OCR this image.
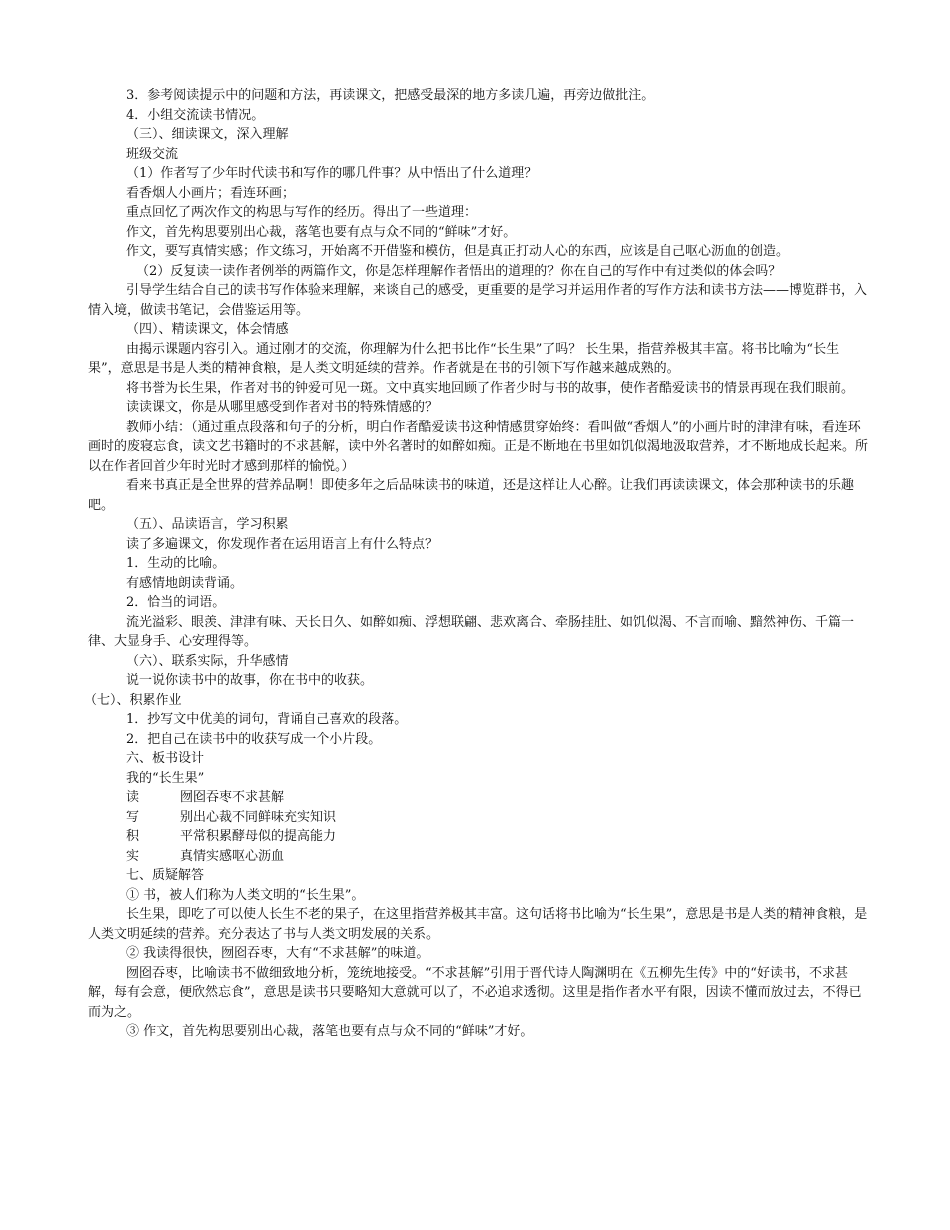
3．参考阅读提示中的问题和方法，再读课文，把感受最深的地方多读几遍，再旁边做批注。

4．小组交流读书情况。

（三）、细读课文，深入理解

班级交流

（1）作者写了少年时代读书和写作的哪几件事？从中悟出了什么道理？

看香烟人小画片；看连环画；

重点回忆了两次作文的构思与写作的经历。得出了一些道理：

作文，首先构思要别出心裁，落笔也要有点与众不同的“鲜味”才好。

作文，要写真情实感；作文练习，开始离不开借鉴和模仿，但是真正打动人心的东西，应该是自己呕心沥血的创造。

（2）反复读一读作者例举的两篇作文，你是怎样理解作者悟出的道理的？你在自己的写作中有过类似的体会吗？

引导学生结合自己的读书写作体验来理解，来谈自己的感受，更重要的是学习并运用作者的写作方法和读书方法——博览群书，入情入境，做读书笔记，会借鉴运用等。

（四）、精读课文，体会情感

由揭示课题内容引入。通过刚才的交流，你理解为什么把书比作“长生果”了吗？ 长生果，指营养极其丰富。将书比喻为“长生果”，意思是书是人类的精神食粮，是人类文明延续的营养。作者就是在书的引领下写作越来越成熟的。

将书誉为长生果，作者对书的钟爱可见一斑。文中真实地回顾了作者少时与书的故事，使作者酷爱读书的情景再现在我们眼前。

读读课文，你是从哪里感受到作者对书的特殊情感的？

教师小结：（通过重点段落和句子的分析，明白作者酷爱读书这种情感贯穿始终：看叫做“香烟人”的小画片时的津津有味，看连环画时的废寝忘食，读文艺书籍时的不求甚解，读中外名著时的如醉如痴。正是不断地在书里如饥似渴地汲取营养，才不断地成长起来。所以在作者回首少年时光时才感到那样的愉悦。）

看来书真正是全世界的营养品啊！即使多年之后品味读书的味道，还是这样让人心醉。让我们再读读课文，体会那种读书的乐趣吧。

（五）、品读语言，学习积累

读了多遍课文，你发现作者在运用语言上有什么特点？

1．生动的比喻。

有感情地朗读背诵。

2．恰当的词语。

流光溢彩、眼羡、津津有味、天长日久、如醉如痴、浮想联翩、悲欢离合、牵肠挂肚、如饥似渴、不言而喻、黯然神伤、千篇一律、大显身手、心安理得等。

（六）、联系实际，升华感情

说一说你读书中的故事，你在书中的收获。

（七）、积累作业

1．抄写文中优美的词句，背诵自己喜欢的段落。

2．把自己在读书中的收获写成一个小片段。

六、板书设计

我的“长生果”

读	囫囵吞枣不求甚解
写	别出心裁不同鲜味充实知识
积	平常积累酵母似的提高能力
实	真情实感呕心沥血

七、质疑解答

① 书，被人们称为人类文明的“长生果”。

长生果，即吃了可以使人长生不老的果子，在这里指营养极其丰富。这句话将书比喻为“长生果”，意思是书是人类的精神食粮，是人类文明延续的营养。充分表达了书与人类文明发展的关系。

② 我读得很快，囫囵吞枣，大有“不求甚解”的味道。

囫囵吞枣，比喻读书不做细致地分析，笼统地接受。“不求甚解”引用于晋代诗人陶渊明在《五柳先生传》中的“好读书，不求甚解，每有会意，便欣然忘食”，意思是读书只要略知大意就可以了，不必追求透彻。这里是指作者水平有限，因读不懂而放过去，不得已而为之。

③ 作文，首先构思要别出心裁，落笔也要有点与众不同的“鲜味”才好。
